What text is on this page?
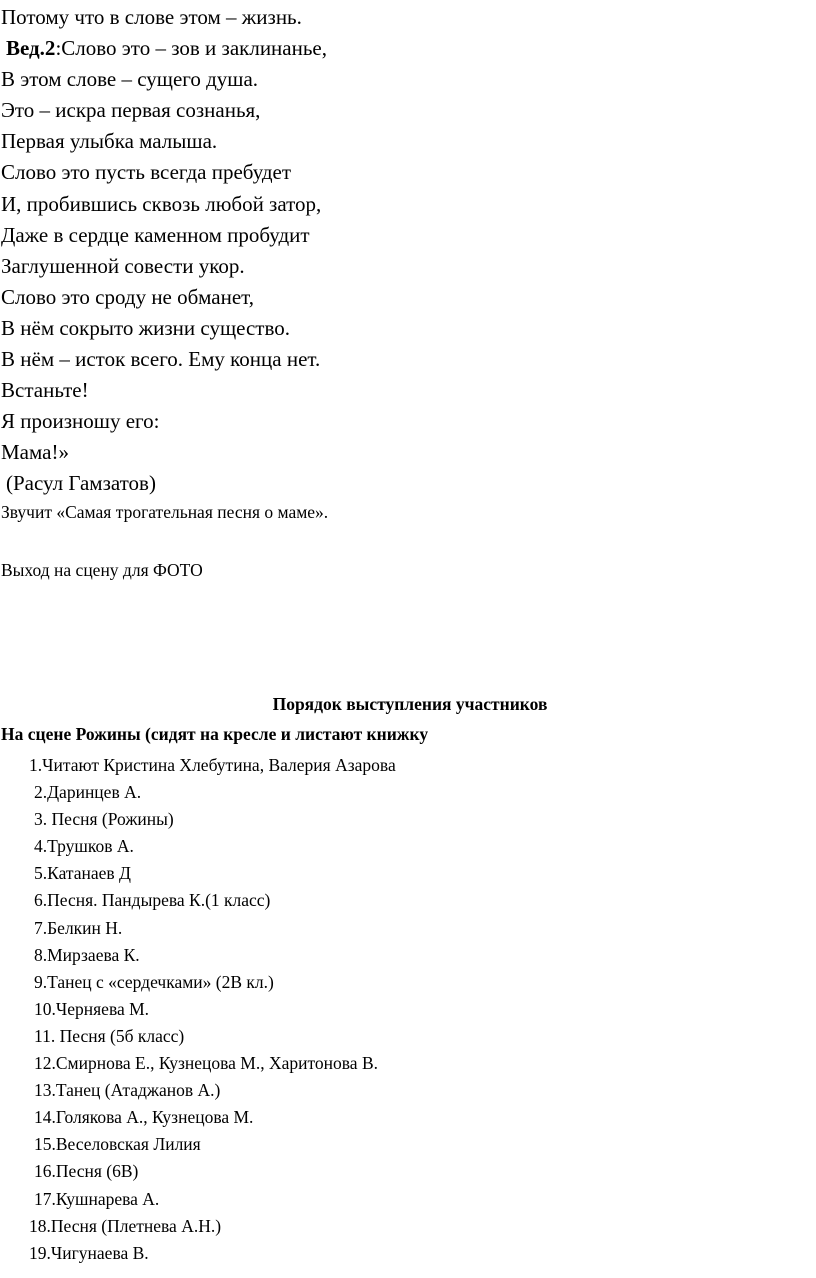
Потому что в слове этом – жизнь.
Вед.2:Слово это – зов и заклинанье,
В этом слове – сущего душа.
Это – искра первая сознанья,
Первая улыбка малыша.
Слово это пусть всегда пребудет
И, пробившись сквозь любой затор,
Даже в сердце каменном пробудит
Заглушенной совести укор.
Слово это сроду не обманет,
В нём сокрыто жизни существо.
В нём – исток всего. Ему конца нет.
Встаньте!
Я произношу его:
Мама!»
(Расул Гамзатов)
Звучит «Самая трогательная песня о маме».
Выход на сцену для ФОТО
Порядок выступления участников
На сцене Рожины (сидят на кресле и листают книжку
1.Читают Кристина Хлебутина, Валерия Азарова
2.Даринцев А.
3. Песня (Рожины)
4.Трушков А.
5.Катанаев Д
6.Песня. Пандырева К.(1 класс)
7.Белкин Н.
8.Мирзаева К.
9.Танец с «сердечками» (2В кл.)
10.Черняева М.
11. Песня (5б класс)
12.Смирнова Е., Кузнецова М., Харитонова В.
13.Танец (Атаджанов А.)
14.Голякова А., Кузнецова М.
15.Веселовская Лилия
16.Песня (6В)
17.Кушнарева А.
18.Песня (Плетнева А.Н.)
19.Чигунаева В.
